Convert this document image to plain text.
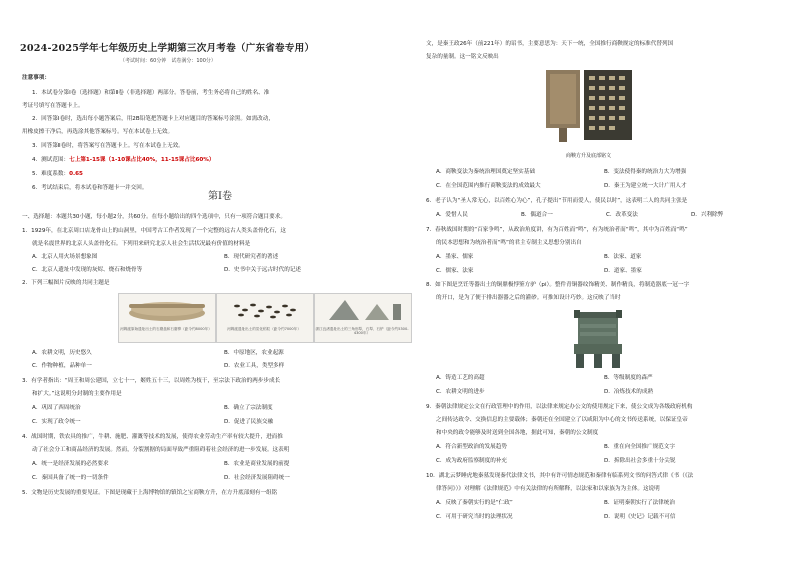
2024-2025学年七年级历史上学期第三次月考卷（广东省卷专用）
（考试时间：60分钟　试卷满分：100分）
注意事项：
1．本试卷分第Ⅰ卷（选择题）和第Ⅱ卷（非选择题）两部分。答卷前，考生务必将自己的姓名、准
考证号填写在答题卡上。
2．回答第Ⅰ卷时，选出每小题答案后，用2B铅笔把答题卡上对应题目的答案标号涂黑。如需改动，
用橡皮擦干净后，再选涂其他答案标号。写在本试卷上无效。
3．回答第Ⅱ卷时，将答案写在答题卡上。写在本试卷上无效。
4．测试范围：七上第1-15课（1-10课占比40%，11-15课占比60%）
5．难度系数：0.65
6．考试结束后，将本试卷和答题卡一并交回。
第Ⅰ卷
一、选择题：本题共30小题，每小题2分，共60分。在每小题给出的四个选项中，只有一项符合题目要求。
1．1929年，在北京周口店龙骨山上的山洞里，中国考古工作者发现了一个完整的远古人类头盖骨化石，这
就是名震世界的北京人头盖骨化石。下列用来研究北京人社会生活状况最有价值的材料是
A．北京人用火场景想象图	B．现代研究者的著述
C．北京人遗址中发现的灰烬、烧石和烧骨等	D．史书中关于远古时代的记述
2．下列三幅图片反映的共同主题是
河姆渡原始遗址出土的石磨盘和石磨棒（距今约8000年）	河姆渡遗址出土的炭化稻粒（距今约7000年）	浙江良渚遗址出土的三角形犁，石犁、石铲（距今约5300-4300年）
A．农耕文明，历史悠久	B．中原地区，农业起源
C．作物种植，品种单一	D．农业工具，类型多样
3．有学者指出：“周王和周公建国，立七十一，姬姓五十三，以周姓为枝干，至宗法下政治的两步步成长
和扩大。”这说明分封制的主要作用是
A．巩固了西周统治	B．确立了宗法制度
C．实现了政令统一	D．促进了民族交融
4．战国时期，铁农具的推广，牛耕、施肥、灌溉等技术的发展，使得农业劳动生产率有较大提升，进而推
动了社会分工和商品经济的发展。然而，分裂割据的局面导致严重阻碍着社会经济的进一步发展。这表明
A．统一是经济发展的必然要求	B．农业是商业发展的前提
C．秦国具备了统一的一切条件	D．社会经济发展阻碍统一
5．文物是历史发展的重要见证。下图是现藏于上海博物馆的镇馆之宝商鞅方升，在方升底部刻有一组铭
文，是秦王政26年（前221年）的诏书，主要意思为：天下一统，全国推行商鞅规定的标准代替列国
复杂的量制。这一铭文反映出
商鞅方升及底部铭文
A．商鞅变法为秦统治理国奠定坚实基础	B．变法使得秦的统治力大为增强
C．在全国范围内推行商鞅变法的成效最大	D．秦王为建立统一大计广用人才
6．老子认为“圣人常无心，以百姓心为心”，孔子提出“节用而爱人，使民以时”，这表明二人的共同主张是
A．爱惜人民	B．偶道合一	C．改革变法	D．兴利除弊
7．春秋战国时期的“百家争鸣”，从政治角度讲，有为百姓而“鸣”，有为统治者而“鸣”，其中为百姓而“鸣”
的民本思想和为统治者而“鸣”的君主专制主义思想分别出自
A．墨家、儒家	B．法家、道家
C．儒家、法家	D．道家、墨家
8．如下图是烹饪等器出土的铜鼎极悖鉴方驴（pi）。整件青铜器纹饰精美、制作精良，将制造器底一冠一字
的开口，是为了便于排出器器之后的灌砂。可推知设计巧妙。这反映了当时
A．铸造工艺的高超	B．等级制度的森严
C．农耕文明的进步	D．冶炼技术的成熟
9．秦朝法律规定公文在行政管理中的作用，以法律来规定办公文的使用规定下来，使公文成为各级政府机构
之间传达政令、交换信息的主要载体；秦朝还在全国建立了以咸阳为中心的文书传送系统，以保证皇帝
和中央的政令能够及时送到全国各地，据此可知，秦朝的公文制度
A．符合新型政治的发展趋势	B．重在向全国推广规范文字
C．成为政府监察制度的补充	D．拆除出社会多重十分尖锐
10．湖北云梦睡虎地秦墓发现秦代法律文书，其中有许可情态规范和秦律有临系列文书的问答式律《书（《法
律答问》）》对理解《法律规范》中有关法律的有所解释，以法家和以家族为为主体。这说明
A．反映了秦朝实行的是“仁政”	B．证明秦朝实行了法律统治
C．可用于研究当时的法理状况	D．说明《史记》记载不可信
